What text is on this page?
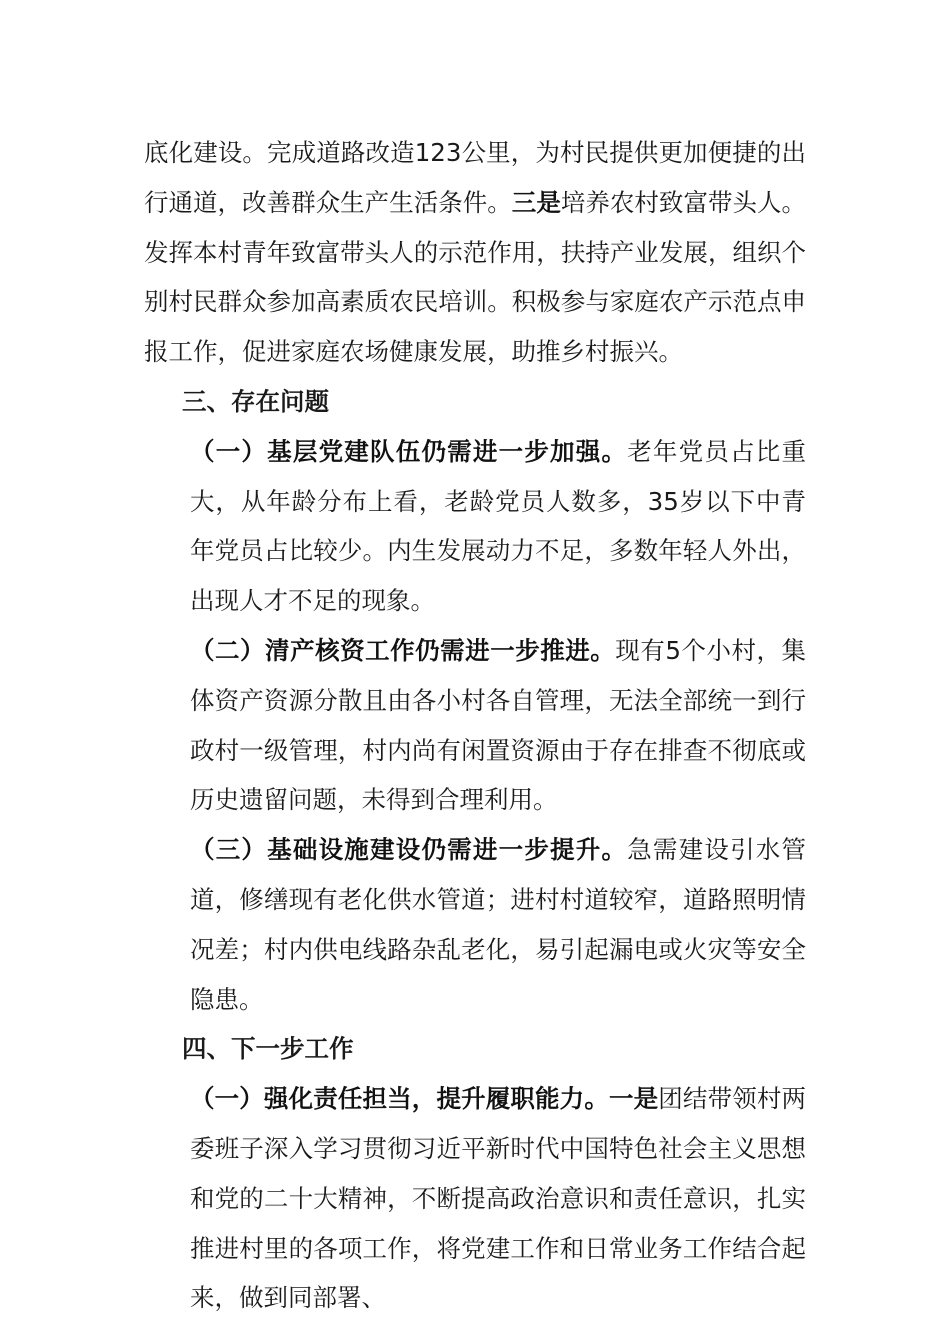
底化建设。完成道路改造123公里，为村民提供更加便捷的出行通道，改善群众生产生活条件。三是培养农村致富带头人。发挥本村青年致富带头人的示范作用，扶持产业发展，组织个别村民群众参加高素质农民培训。积极参与家庭农产示范点申报工作，促进家庭农场健康发展，助推乡村振兴。

三、存在问题

（一）基层党建队伍仍需进一步加强。老年党员占比重大，从年龄分布上看，老龄党员人数多，35岁以下中青年党员占比较少。内生发展动力不足，多数年轻人外出，出现人才不足的现象。

（二）清产核资工作仍需进一步推进。现有5个小村，集体资产资源分散且由各小村各自管理，无法全部统一到行政村一级管理，村内尚有闲置资源由于存在排查不彻底或历史遗留问题，未得到合理利用。

（三）基础设施建设仍需进一步提升。急需建设引水管道，修缮现有老化供水管道；进村村道较窄，道路照明情况差；村内供电线路杂乱老化，易引起漏电或火灾等安全隐患。

四、下一步工作

（一）强化责任担当，提升履职能力。一是团结带领村两委班子深入学习贯彻习近平新时代中国特色社会主义思想和党的二十大精神，不断提高政治意识和责任意识，扎实推进村里的各项工作，将党建工作和日常业务工作结合起来，做到同部署、
